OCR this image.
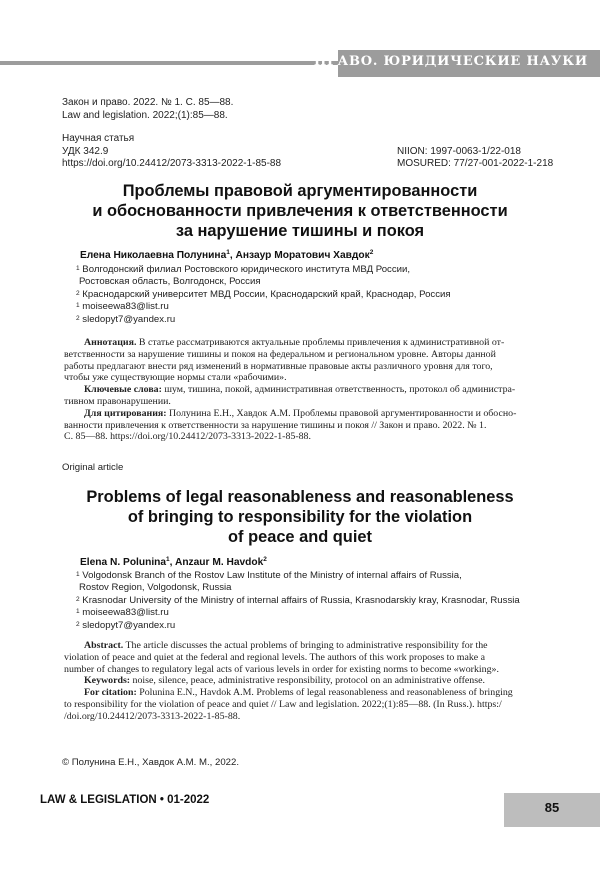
ПРАВО. ЮРИДИЧЕСКИЕ НАУКИ
Закон и право. 2022. № 1. С. 85—88.
Law and legislation. 2022;(1):85—88.
Научная статья
УДК 342.9
https://doi.org/10.24412/2073-3313-2022-1-85-88
NIION: 1997-0063-1/22-018
MOSURED: 77/27-001-2022-1-218
Проблемы правовой аргументированности
и обоснованности привлечения к ответственности
за нарушение тишины и покоя
Елена Николаевна Полунина$^1$, Анзаур Моратович Хавдок$^2$
$^1$ Волгодонский филиал Ростовского юридического института МВД России,
Ростовская область, Волгодонск, Россия
$^2$ Краснодарский университет МВД России, Краснодарский край, Краснодар, Россия
$^1$ moiseewa83@list.ru
$^2$ sledopyt7@yandex.ru

Аннотация. В статье рассматриваются актуальные проблемы привлечения к административной от-
ветственности за нарушение тишины и покоя на федеральном и региональном уровне. Авторы данной
работы предлагают внести ряд изменений в нормативные правовые акты различного уровня для того,
чтобы уже существующие нормы стали «рабочими».

Ключевые слова: шум, тишина, покой, административная ответственность, протокол об администра-
тивном правонарушении.

Для цитирования: Полунина Е.Н., Хавдок А.М. Проблемы правовой аргументированности и обосно-
ванности привлечения к ответственности за нарушение тишины и покоя // Закон и право. 2022. № 1.
С. 85—88. https://doi.org/10.24412/2073-3313-2022-1-85-88.

Original article
Problems of legal reasonableness and reasonableness
of bringing to responsibility for the violation
of peace and quiet
Elena N. Polunina$^1$, Anzaur M. Havdok$^2$
$^1$ Volgodonsk Branch of the Rostov Law Institute of the Ministry of internal affairs of Russia,
Rostov Region, Volgodonsk, Russia
$^2$ Krasnodar University of the Ministry of internal affairs of Russia, Krasnodarskiy kray, Krasnodar, Russia
$^1$ moiseewa83@list.ru
$^2$ sledopyt7@yandex.ru

Abstract. The article discusses the actual problems of bringing to administrative responsibility for the
violation of peace and quiet at the federal and regional levels. The authors of this work proposes to make a
number of changes to regulatory legal acts of various levels in order for existing norms to become «working».

Keywords: noise, silence, peace, administrative responsibility, protocol on an administrative offense.

For citation: Polunina E.N., Havdok A.M. Problems of legal reasonableness and reasonableness of bringing
to responsibility for the violation of peace and quiet // Law and legislation. 2022;(1):85—88. (In Russ.). https:/
/doi.org/10.24412/2073-3313-2022-1-85-88.

© Полунина Е.Н., Хавдок А.М. М., 2022.
LAW & LEGISLATION • 01-2022	85
